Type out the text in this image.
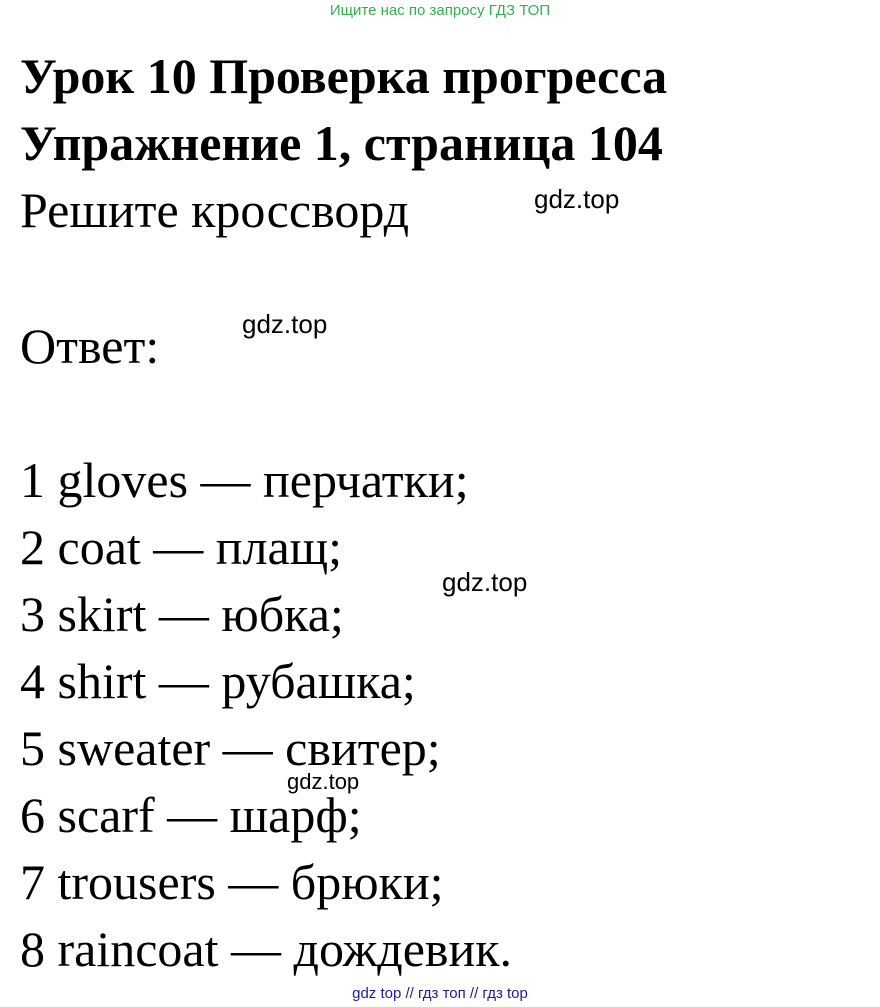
Ищите нас по запросу ГДЗ ТОП
Урок 10 Проверка прогресса
Упражнение 1, страница 104
Решите кроссворд
Ответ:
1 gloves — перчатки;
2 coat — плащ;
3 skirt — юбка;
4 shirt — рубашка;
5 sweater — свитер;
6 scarf — шарф;
7 trousers — брюки;
8 raincoat — дождевик.
gdz.top
gdz.top
gdz.top
gdz.top
gdz top // гдз топ // гдз top
